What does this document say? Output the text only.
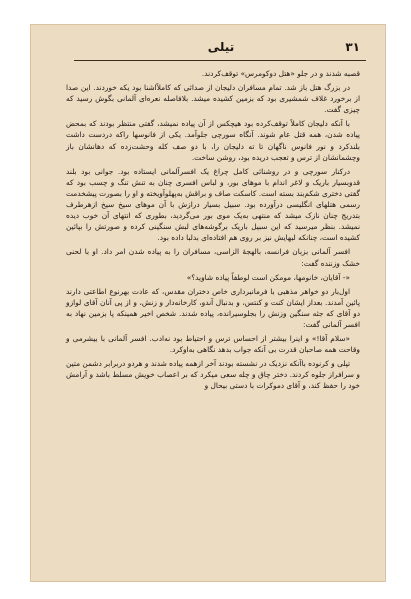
۳۱
تیلی

قصبه شدند و در جلو «هتل دوکومرس» توقف‌کردند.

در بزرگ هتل باز شد. تمام مسافران دلیجان از صدائی که کاملاًاشنا بود یکه خوردند. این صدا از برخورد غلاف شمشیری بود که بزمین کشیده میشد. بلافاصله نعره‌ای آلمانی بگوش رسید که چیزی گفت.

با آنکه دلیجان کاملاً توقف‌کرده بود هیچکس از آن پیاده نمیشد، گفتی منتظر بودند که بمحض پیاده شدن، همه قتل عام شوند. آنگاه سورچی جلوآمد. یکی از فانوسها راکه دردست داشت بلندکرد و نور فانوس ناگهان تا ته دلیجان را، با دو صف کله وحشت‌زده که دهانشان باز وچشمانشان از ترس و تعجب دریده بود، روشن ساخت.

درکنار سورچی و در روشنائی کامل چراغ یک افسرآلمانی ایستاده بود. جوانی بود بلند قدوبسیار باریک و لاغر اندام با موهای بور، و لباس افسری چنان به تنش تنگ و چسب بود که گفتی دختری شکم‌بند بسته است. کاسکت صاف و براقش به‌پهلوآویخته و او را بصورت پیشخدمت رسمی هتلهای انگلیسی درآورده بود. سبیل بسیار درازش با آن موهای سیخ سیخ ازهرطرف بتدریج چنان نازک میشد که منتهی به‌یک موی بور می‌گردید، بطوری که انتهای آن خوب دیده نمیشد. بنظر میرسید که این سبیل باریک برگوشه‌های لبش سنگینی کرده و صورتش را بپائین کشیده است، چنانکه لبهایش نیز بر روی هم افتاده‌ای بدلبا داده بود.

افسر آلمانی بزبان فرانسه، بالهجهٔ الزاسی، مسافران را به پیاده شدن امر داد. او با لحنی خشک وزننده گفت:

«- آقایان، خانومها، مومکن است لوطفاً پیاده شاوید؟»

اول‌بار دو خواهر مذهبی با فرمانبرداری خاص دختران مقدس، که عادت بهرنوع اطاعتی دارند پائین آمدند. بعداز ایشان کنت و کنتس، و بدنبال آندو، کارخانه‌دار و زنش، و از پی آنان آقای لوازو دو آقای که جثه سنگین وزنش را بجلوسیرانده، پیاده شدند. شخص اخیر همینکه پا بزمین نهاد به افسر آلمانی گفت:

«سلام آقا!» و اینرا بیشتر از احساس ترس و احتیاط بود نه‌ادب. افسر آلمانی با بیشرمی و وقاحت همه صاحبان قدرت بی آنکه جواب بدهد نگاهی به‌اوکرد.

تپلی و کرنوده باآنکه نزدیک در نشسته بودند آخر ازهمه پیاده شدند و هردو دربرابر دشمن متین و سرافراز جلوه کردند. دختر چاق و چله سعی میکرد که بر اعصاب خویش مسلط باشد و آرامش خود را حفظ کند، و آقای دموکرات با دستی بیحال و
